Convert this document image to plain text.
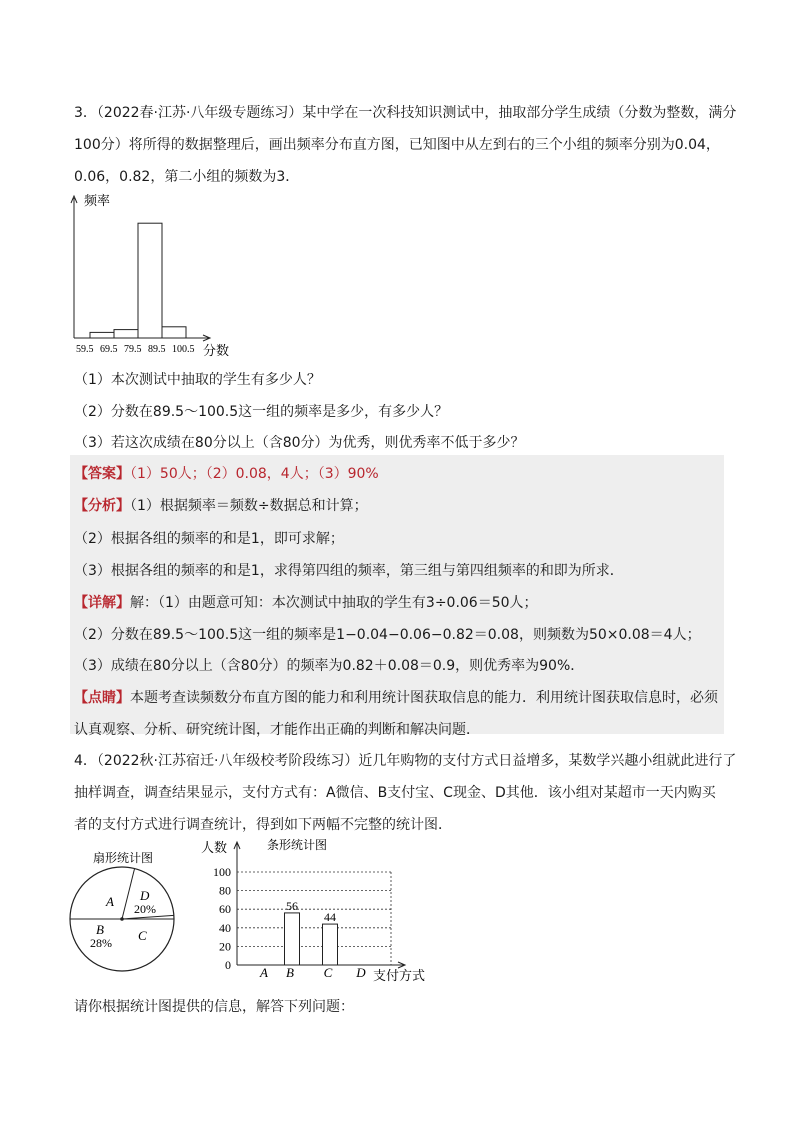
3．（2022春·江苏·八年级专题练习）某中学在一次科技知识测试中，抽取部分学生成绩（分数为整数，满分
100分）将所得的数据整理后，画出频率分布直方图，已知图中从左到右的三个小组的频率分别为0.04，
0.06，0.82，第二小组的频数为3．
频率
分数
59.5 69.5 79.5 89.5 100.5
（1）本次测试中抽取的学生有多少人？
（2）分数在89.5～100.5这一组的频率是多少，有多少人？
（3）若这次成绩在80分以上（含80分）为优秀，则优秀率不低于多少？
【答案】（1）50人；（2）0.08，4人；（3）90%
【分析】（1）根据频率＝频数÷数据总和计算；
（2）根据各组的频率的和是1，即可求解；
（3）根据各组的频率的和是1，求得第四组的频率，第三组与第四组频率的和即为所求．
【详解】解：（1）由题意可知：本次测试中抽取的学生有3÷0.06＝50人；
（2）分数在89.5～100.5这一组的频率是1−0.04−0.06−0.82＝0.08，则频数为50×0.08＝4人；
（3）成绩在80分以上（含80分）的频率为0.82＋0.08＝0.9，则优秀率为90%．
【点睛】本题考查读频数分布直方图的能力和利用统计图获取信息的能力．利用统计图获取信息时，必须
认真观察、分析、研究统计图，才能作出正确的判断和解决问题．
4．（2022秋·江苏宿迁·八年级校考阶段练习）近几年购物的支付方式日益增多，某数学兴趣小组就此进行了
抽样调查，调查结果显示，支付方式有：A微信、B支付宝、C现金、D其他．该小组对某超市一天内购买
者的支付方式进行调查统计，得到如下两幅不完整的统计图．
扇形统计图
A
B	C
D
20%
28%
条形统计图
人数
支付方式
0
20
40
60
80
100
A B
56
C
44
D
请你根据统计图提供的信息，解答下列问题：
